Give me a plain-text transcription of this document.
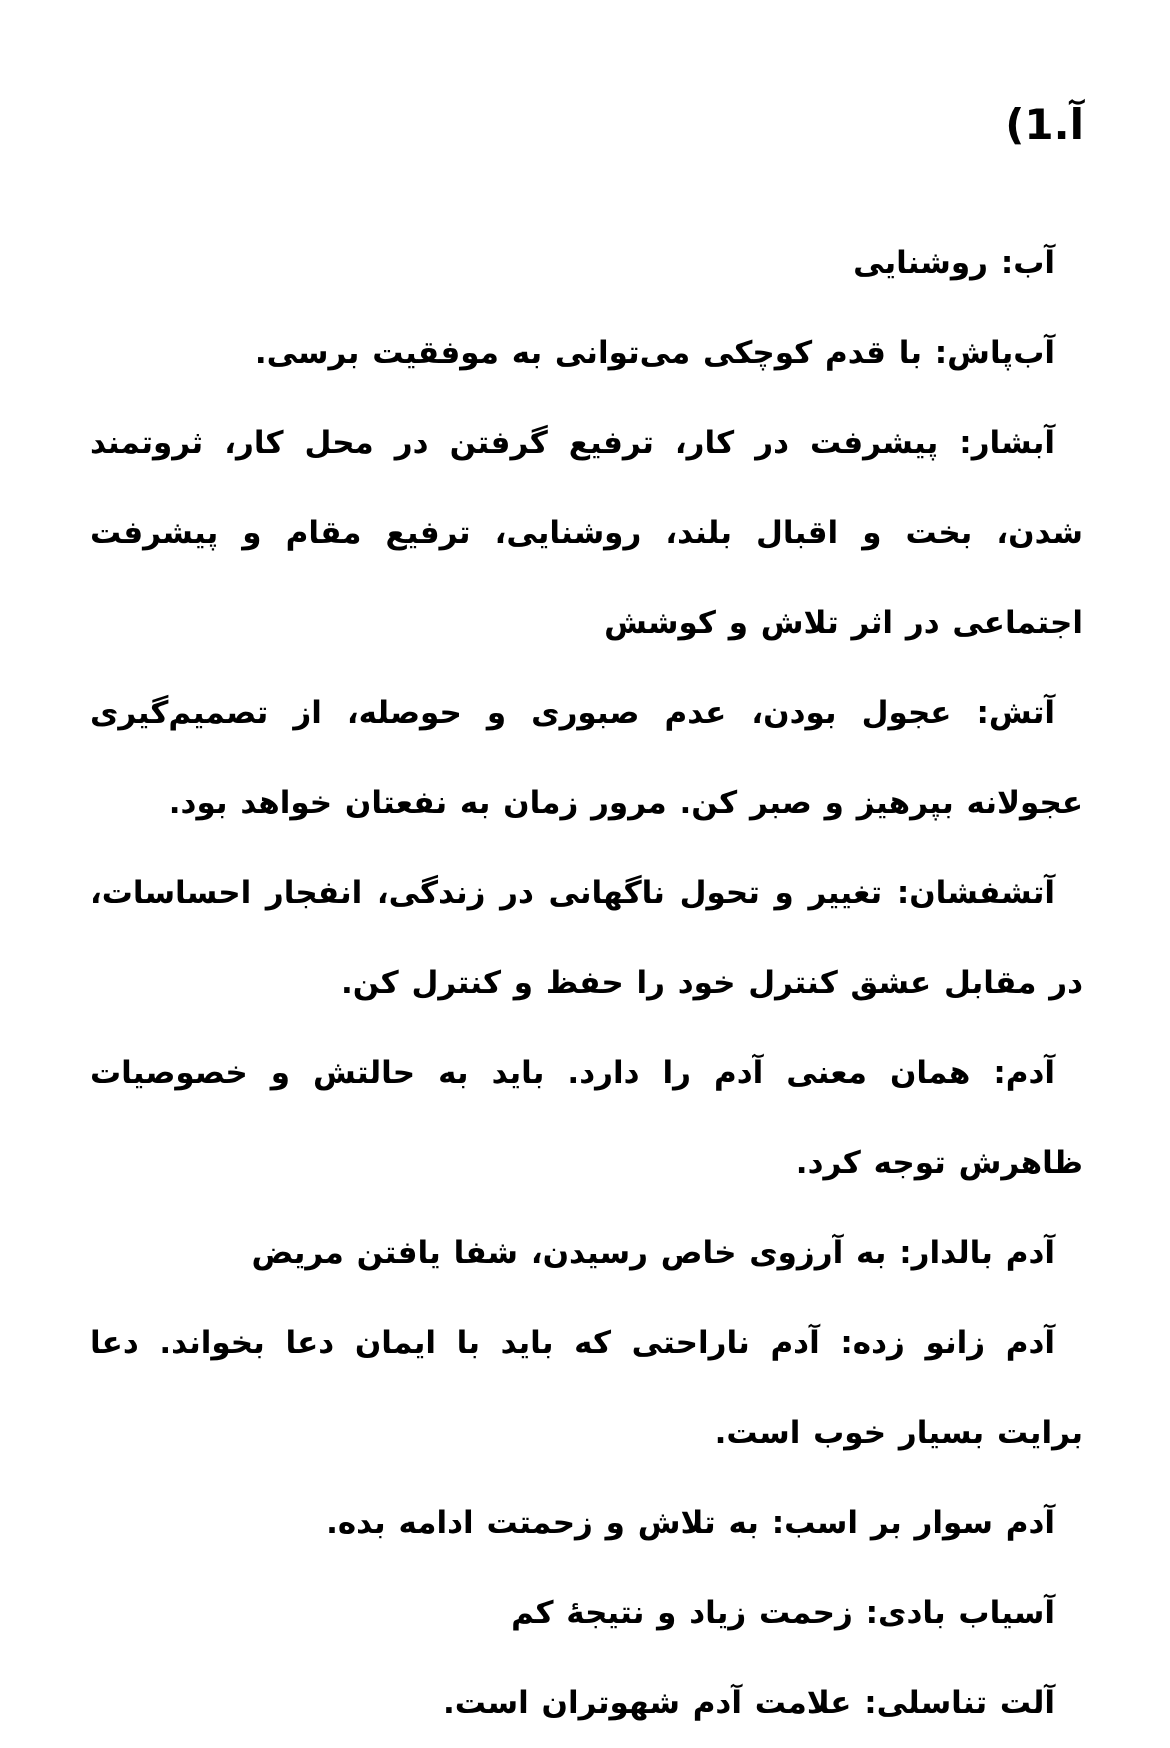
آ.1)
آب: روشنایی
آب‌پاش: با قدم کوچکی می‌توانی به موفقیت برسی.
آبشار: پیشرفت در کار، ترفیع گرفتن در محل کار، ثروتمند شدن، بخت و اقبال بلند، روشنایی، ترفیع مقام و پیشرفت اجتماعی در اثر تلاش و کوشش
آتش: عجول بودن، عدم صبوری و حوصله، از تصمیم‌گیری عجولانه بپرهیز و صبر کن. مرور زمان به نفعتان خواهد بود.
آتشفشان: تغییر و تحول ناگهانی در زندگی، انفجار احساسات، در مقابل عشق کنترل خود را حفظ و کنترل کن.
آدم: همان معنی آدم را دارد. باید به حالتش و خصوصیات ظاهرش توجه کرد.
آدم بالدار: به آرزوی خاص رسیدن، شفا یافتن مریض
آدم زانو زده: آدم ناراحتی که باید با ایمان دعا بخواند. دعا برایت بسیار خوب است.
آدم سوار بر اسب: به تلاش و زحمتت ادامه بده.
آسیاب بادی: زحمت زیاد و نتیجهٔ کم
آلت تناسلی: علامت آدم شهوتران است.
